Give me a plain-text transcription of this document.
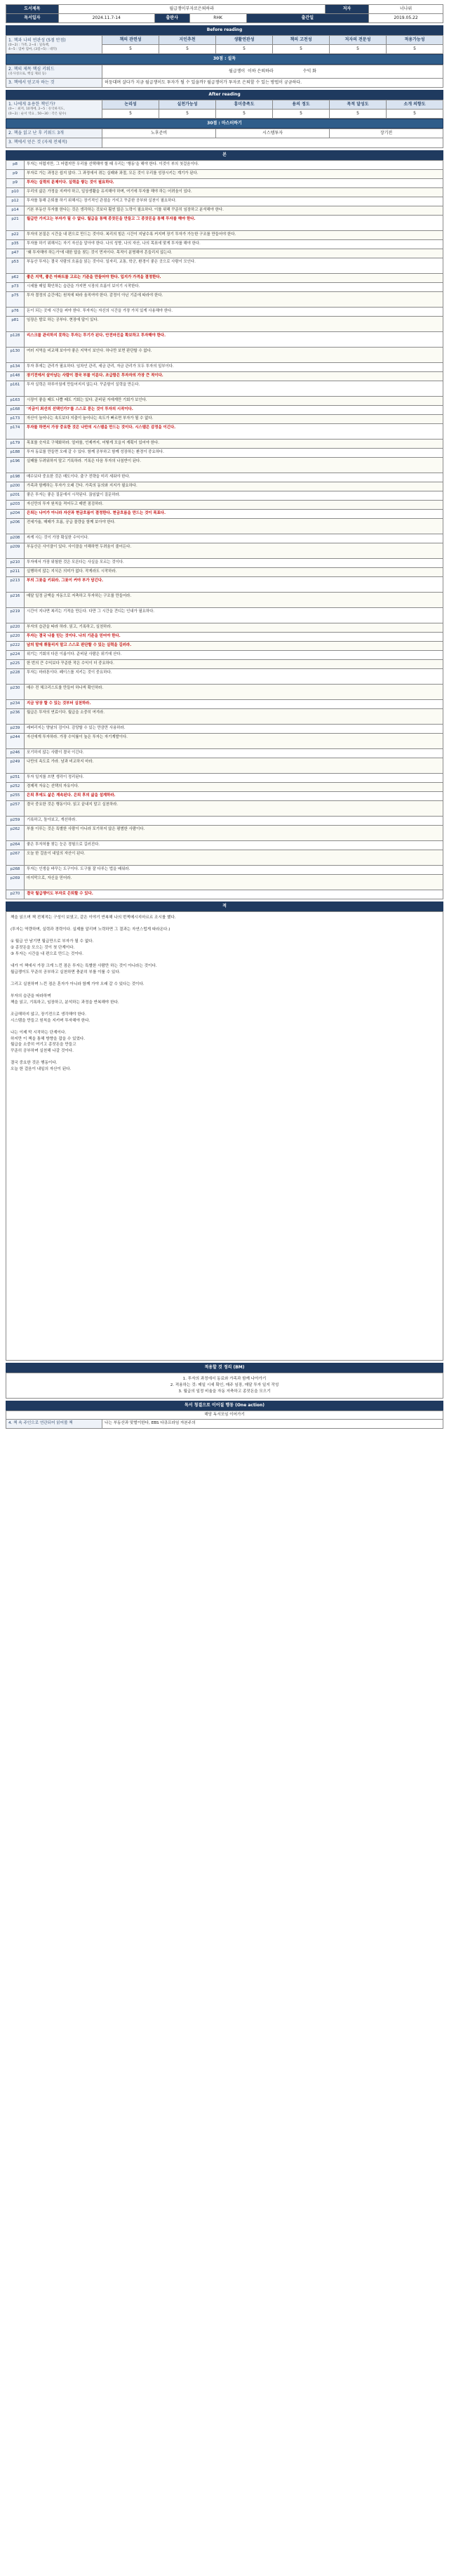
도서제목	월급쟁이부자로은퇴하라				저자	너나위
독서일자	2024.11.7-14	출판사	RHK	출간일		2019.05.22
Before reading
1. 책과 나의 연관성 (5점 만점)
(0~2) : 가족, 2~4 : 일독책,
4~5 : 엄마 엄마, (3점~5) : 대작)	책의 관련성	지인추천	생활연관성	책의 고전성	저자의 전문성	적용가능성
	5	5	5	5	5	5
30점 : 설독
2. 책의 제목 핵심 키워드
(유사성으로, 핵심 제외 등)	월급쟁이  이하 은퇴하라                      수익 화
3. 책에서 얻고자 하는 것	허둥대며 살다가 지금 월급쟁이도 투자가 될 수 있을까? 월급쟁이가 투자로 은퇴할 수 있는 방법이 궁금하다.
After reading
1. 나에게 유용한 책인가?
(0~ : 최저, 10개에, 2~5 : 유익하지도,
(0~2) : 순서 역요 , 50~30 : 각은 필수)	논리성	실천가능성	흥미충족도	용의 정도	목적 달성도	소개 의향도
	5	5	5	5	5	5
30점 : 마스터하기
2. 책을 읽고 난 후 키워드 3개	노후준비	시스템투자	장기전
3. 책에서 얻은 것 (자제 전체적)			
본
p8	투자는 어렵지만, 그 어렵지만 우리를 선택해야 할 때 우리는 '행동'을 해야 한다. 이것이 부의 첫걸음이다.
p9	부자로 가는 과정은 쉽지 않다. 그 과정에서 겪는 실패와 좌절, 모든 것이 우리를 성장시키는 계기가 된다.
p9	투자는 실력의 문제이다. 실력을 쌓는 것이 필요하다.
p10	우리의 삶은 가정을 지켜야 하고, 일상생활을 유지해야 하며, 여기에 투자를 해야 하는 어려움이 있다.
p12	투자를 통해 은퇴를 하기 위해서는 장기적인 관점을 가지고 꾸준한 공부와 실천이 필요하다.
p14	기본 부동산 투자를 한다는 것은 생각하는 것보다 훨씬 많은 노력이 필요하다. 이를 위해 꾸준히 임장하고 분석해야 한다.
p21	월급만 가지고는 부자가 될 수 없다. 월급을 통해 종잣돈을 만들고 그 종잣돈을 통해 투자를 해야 한다.
p22	투자의 본질은 시간을 내 편으로 만드는 것이다. 복리의 힘은 시간이 지날수록 커지며 장기 투자가 가능한 구조를 만들어야 한다.
p35	투자를 하기 위해서는 자기 자신을 알아야 한다. 나의 성향, 나의 자산, 나의 목표에 맞게 투자를 해야 한다.
p47	'왜 투자해야 하는가'에 대한 답을 찾는 것이 먼저이다. 목적이 분명해야 흔들리지 않는다.
p53	부동산 투자는 결국 사람의 흐름을 읽는 것이다. 일자리, 교통, 학군, 환경이 좋은 곳으로 사람이 모인다.
p62	좋은 지역, 좋은 아파트를 고르는 기준을 만들어야 한다. 입지가 가격을 결정한다.
p73	시세를 매일 확인하는 습관을 가지면 시장의 흐름이 보이기 시작한다.
p75	투자 결정의 순간에는 원칙에 따라 움직여야 한다. 감정이 아닌 기준에 따라야 한다.
p76	돈이 되는 곳에 시간을 써야 한다. 투자자는 자신의 시간을 가장 가치 있게 사용해야 한다.
p81	임장은 발로 하는 공부다. 현장에 답이 있다.
p128	리스크를 관리하지 못하는 투자는 투기가 된다. 안전마진을 확보하고 투자해야 한다.
p130	여러 지역을 비교해 보아야 좋은 지역이 보인다. 하나만 보면 판단할 수 없다.
p134	투자 후에는 관리가 필요하다. 임차인 관리, 세금 관리, 자금 관리가 모두 투자의 일부이다.
p148	장기전에서 살아남는 사람이 결국 부를 이룬다. 조급함은 투자자의 가장 큰 적이다.
p161	투자 실력은 하루아침에 만들어지지 않는다. 꾸준함이 실력을 만든다.
p163	시장이 좋을 때도 나쁠 때도 기회는 있다. 준비된 자에게만 기회가 보인다.
p168	'지금이 최선의 선택인가?'를 스스로 묻는 것이 투자의 시작이다.
p173	자산이 늘어나는 속도보다 지출이 늘어나는 속도가 빠르면 부자가 될 수 없다.
p174	투자를 하면서 가장 중요한 것은 나만의 시스템을 만드는 것이다. 시스템은 감정을 이긴다.
p179	목표를 숫자로 구체화하라. 얼마를, 언제까지, 어떻게 모을지 계획이 있어야 한다.
p188	투자 동료를 만들면 오래 갈 수 있다. 함께 공부하고 함께 성장하는 환경이 중요하다.
p196	실패를 두려워하지 말고 기록하라. 기록은 다음 투자의 나침반이 된다.
p198	매수보다 중요한 것은 매도이다. 출구 전략을 미리 세워야 한다.
p200	가족과 함께하는 투자가 오래 간다. 가족의 동의와 지지가 필요하다.
p201	좋은 투자는 좋은 질문에서 시작된다. 끊임없이 질문하라.
p203	자신만의 투자 원칙을 적어두고 매번 점검하라.
p204	은퇴는 나이가 아니라 자산과 현금흐름이 결정한다. 현금흐름을 만드는 것이 목표다.
p206	전세가율, 매매가 흐름, 공급 물량을 함께 보아야 한다.
p208	싸게 사는 것이 가장 확실한 수익이다.
p209	부동산은 사이클이 있다. 사이클을 이해하면 두려움이 줄어든다.
p210	투자에서 가장 위험한 것은 모른다는 사실을 모르는 것이다.
p211	실행하지 않는 지식은 의미가 없다. 작게라도 시작하라.
p213	부의 그릇을 키워라. 그릇이 커야 부가 담긴다.
p216	매달 일정 금액을 자동으로 저축하고 투자하는 구조를 만들어라.
p219	시간이 지나면 복리는 기적을 만든다. 다만 그 시간을 견디는 인내가 필요하다.
p220	부자의 습관을 따라 하라. 읽고, 기록하고, 실천하라.
p220	투자는 결국 나를 믿는 것이다. 나의 기준을 믿어야 한다.
p222	남의 말에 휘둘리지 말고 스스로 판단할 수 있는 실력을 길러라.
p224	위기는 기회의 다른 이름이다. 준비된 사람은 위기에 산다.
p225	한 번의 큰 수익보다 꾸준한 작은 수익이 더 중요하다.
p228	투자는 마라톤이다. 페이스를 지키는 것이 중요하다.
p230	매수 전 체크리스트를 만들어 하나씩 확인하라.
p234	지금 당장 할 수 있는 것부터 실천하라.
p236	월급은 투자의 연료이다. 월급을 소중히 여겨라.
p239	레버리지는 양날의 검이다. 감당할 수 있는 만큼만 사용하라.
p244	자신에게 투자하라. 가장 수익률이 높은 투자는 자기계발이다.
p246	포기하지 않는 사람이 결국 이긴다.
p249	나만의 속도로 가라. 남과 비교하지 마라.
p251	투자 일지를 쓰면 생각이 정리된다.
p252	경제적 자유는 선택의 자유이다.
p255	은퇴 후에도 삶은 계속된다. 은퇴 후의 삶을 설계하라.
p257	결국 중요한 것은 행동이다. 읽고 끝내지 말고 실천하라.
p259	기록하고, 돌아보고, 개선하라.
p262	부를 이루는 것은 특별한 사람이 아니라 포기하지 않은 평범한 사람이다.
p264	좋은 투자처를 찾는 눈은 경험으로 길러진다.
p267	오늘 한 걸음이 내일의 자산이 된다.
p268	투자는 인생을 바꾸는 도구이다. 도구를 잘 다루는 법을 배워라.
p269	마지막으로, 자신을 믿어라.
p270	결국 월급쟁이도 부자로 은퇴할 수 있다.
적
책을 읽으며 책 전체적는 구성이 보였고, 같은 이야기 반복해 나의 번쩍메시지마르르 조시를 했다.

(투자는 역량하며, 실력과 경력이다. 실제를 알리며 노력하면 그 결과는 자연스럽게 따라온다.)

① 월급 안 남기면 월급만으로 부자가 될 수 없다.
② 종잣돈을 모으는 것이 첫 단계이다.
③ 투자는 시간을 내 편으로 만드는 것이다.

내가 이 책에서 가장 크게 느낀 점은 투자는 특별한 사람만 하는 것이 아니라는 것이다.
월급쟁이도 꾸준히 공부하고 실천하면 충분히 부를 이룰 수 있다.

그리고 실천하며 느낀 점은 혼자가 아니라 함께 가야 오래 갈 수 있다는 것이다.

부자의 습관을 따라하며
책을 읽고, 기록하고, 임장하고, 분석하는 과정을 반복해야 한다.

조급해하지 않고, 장기전으로 생각해야 한다.
시스템을 만들고 원칙을 지키며 투자해야 한다.

나는 이제 막 시작하는 단계이다.
하지만 이 책을 통해 방향을 잡을 수 있었다.
월급을 소중히 여기고 종잣돈을 만들고
꾸준히 공부하며 실천해 나갈 것이다.

결국 중요한 것은 행동이다.
오늘 한 걸음이 내일의 자산이 된다.
적용할 것 정리 (BM)
1. 투자의 과정에서 동료와 가족과 함께 나아가기
2. 적용하는 것: 매일 시세 확인, 매주 임장, 매달 투자 일지 작성
3. 월급의 일정 비율을 자동 저축하고 종잣돈을 모으기
독서 청결으로 이어질 행동 (One action)
해당 독서모임 이어가기
4. 책 속 주인으로 연관되어 읽어볼 책	나는 부동산과 맞벌이한다, EBS 다큐프라임 자본주의
